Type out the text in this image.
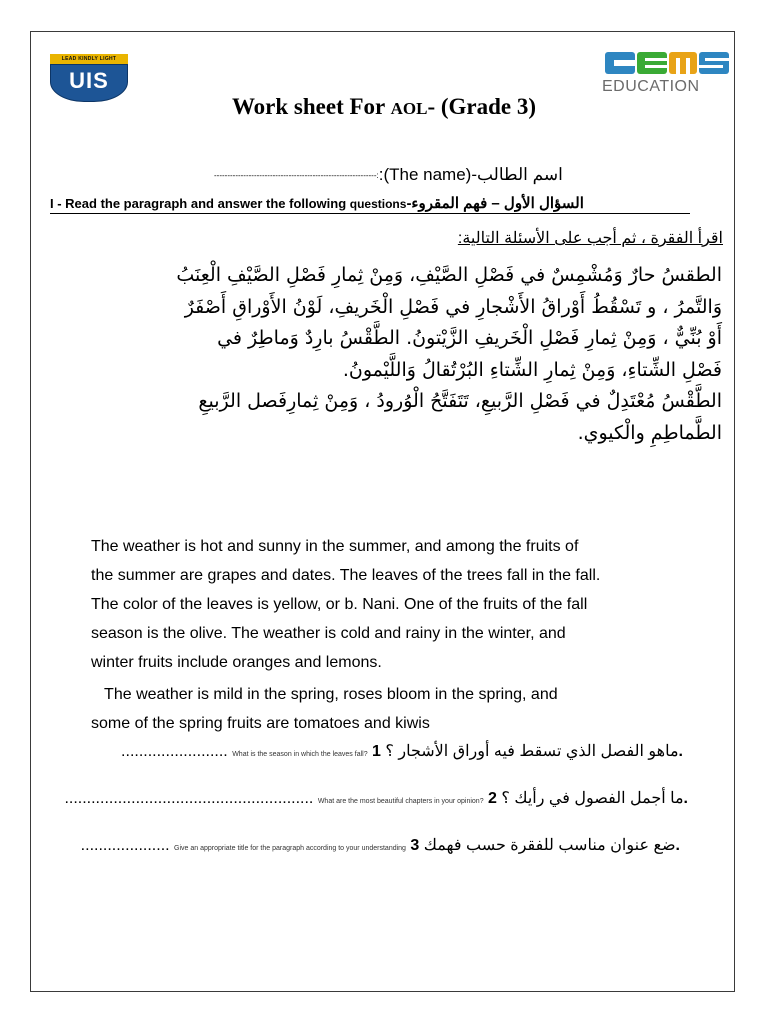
LEAD KINDLY LIGHT
UIS	GEMS
EDUCATION
Work sheet For AOL- (Grade 3)
-------------------------------------------------------------:اسم الطالب-(The name):
I - Read the paragraph and answer the following questionsالسؤال الأول – فهم المقروء-
اقرأ الفقرة ، ثم أجب على الأسئلة التالية:
الطقسُ حارٌ وَمُشْمِسٌ في فَصْلِ الصَّيْفِ، وَمِنْ ثِمارِ فَصْلِ الصَّيْفِ الْعِنَبُ
وَالتَّمرُ ، و تَسْقُطُ أَوْراقُ الأَشْجارِ في فَصْلِ الْخَريفِ، لَوْنُ الأَوْراقِ أَصْفَرٌ
أَوْ بُنِّيٌّ ، وَمِنْ ثِمارِ فَصْلِ الْخَريفِ الزَّيْتونُ. الطَّقْسُ بارِدٌ وَماطِرٌ في
فَصْلِ الشِّتاءِ، وَمِنْ ثِمارِ الشِّتاءِ البُرْتُقالُ وَاللَّيْمونُ.
الطَّقْسُ مُعْتَدِلٌ في فَصْلِ الرَّبيعِ، تَتَفَتَّحُ الْوُرودُ ، وَمِنْ ثِمارِفَصل الرَّبيعِ
الطَّماطِمِ والْكيوي.

The weather is hot and sunny in the summer, and among the fruits of
the summer are grapes and dates. The leaves of the trees fall in the fall.
The color of the leaves is yellow, or b. Nani. One of the fruits of the fall
season is the olive. The weather is cold and rainy in the winter, and
winter fruits include oranges and lemons.

The weather is mild in the spring, roses bloom in the spring, and
some of the spring fruits are tomatoes and kiwis

........................ What is the season in which the leaves fall? ماهو الفصل الذي تسقط فيه أوراق الأشجار ؟ 1.
........................................................ What are the most beautiful chapters in your opinion? ما أجمل الفصول في رأيك ؟ 2.
.................... Give an appropriate title for the paragraph according to your understanding ضع عنوان مناسب للفقرة حسب فهمك 3.
